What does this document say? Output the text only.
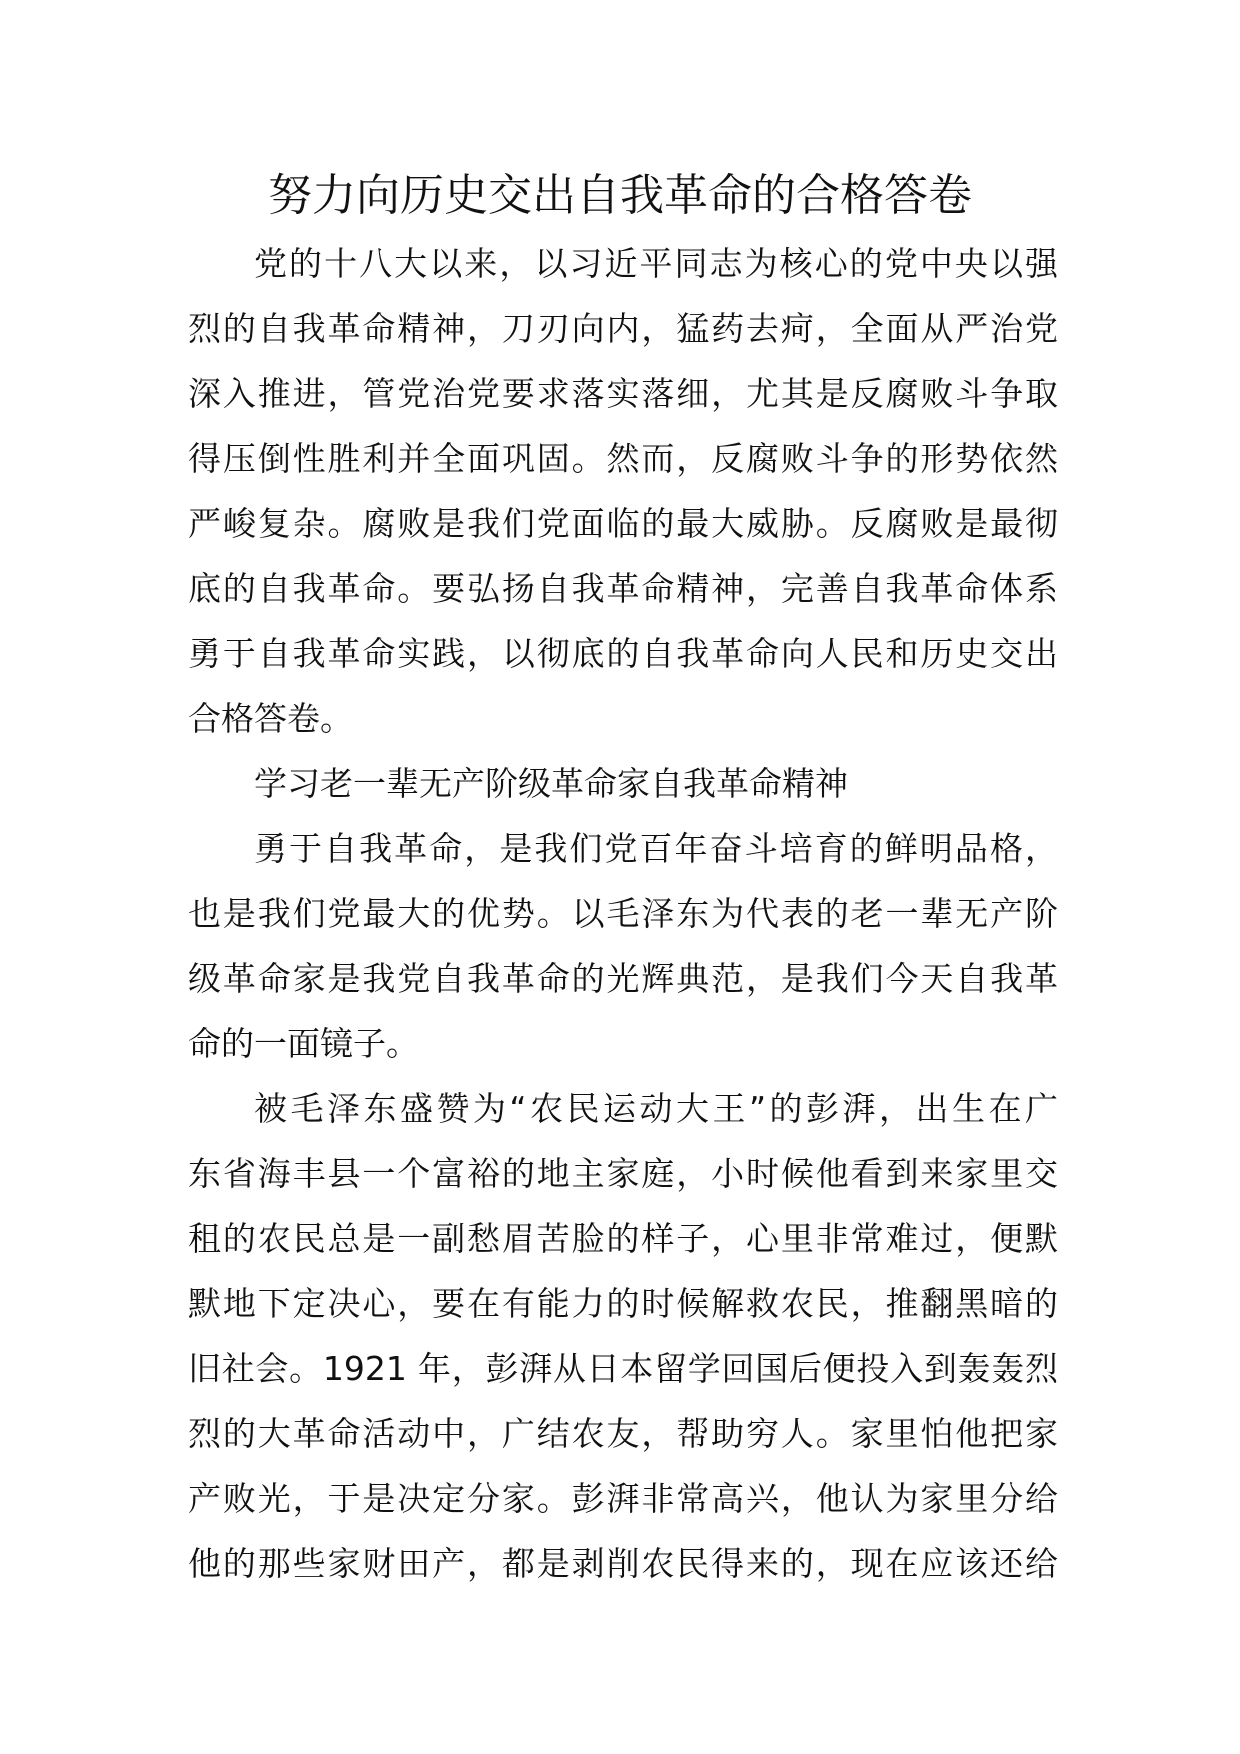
努力向历史交出自我革命的合格答卷
党的十八大以来，以习近平同志为核心的党中央以强
烈的自我革命精神，刀刃向内，猛药去疴，全面从严治党
深入推进，管党治党要求落实落细，尤其是反腐败斗争取
得压倒性胜利并全面巩固。然而，反腐败斗争的形势依然
严峻复杂。腐败是我们党面临的最大威胁。反腐败是最彻
底的自我革命。要弘扬自我革命精神，完善自我革命体系
勇于自我革命实践，以彻底的自我革命向人民和历史交出
合格答卷。

学习老一辈无产阶级革命家自我革命精神

勇于自我革命，是我们党百年奋斗培育的鲜明品格，
也是我们党最大的优势。以毛泽东为代表的老一辈无产阶
级革命家是我党自我革命的光辉典范，是我们今天自我革
命的一面镜子。
被毛泽东盛赞为“农民运动大王”的彭湃，出生在广
东省海丰县一个富裕的地主家庭，小时候他看到来家里交
租的农民总是一副愁眉苦脸的样子，心里非常难过，便默
默地下定决心，要在有能力的时候解救农民，推翻黑暗的
旧社会。1921 年，彭湃从日本留学回国后便投入到轰轰烈
烈的大革命活动中，广结农友，帮助穷人。家里怕他把家
产败光，于是决定分家。彭湃非常高兴，他认为家里分给
他的那些家财田产，都是剥削农民得来的，现在应该还给
